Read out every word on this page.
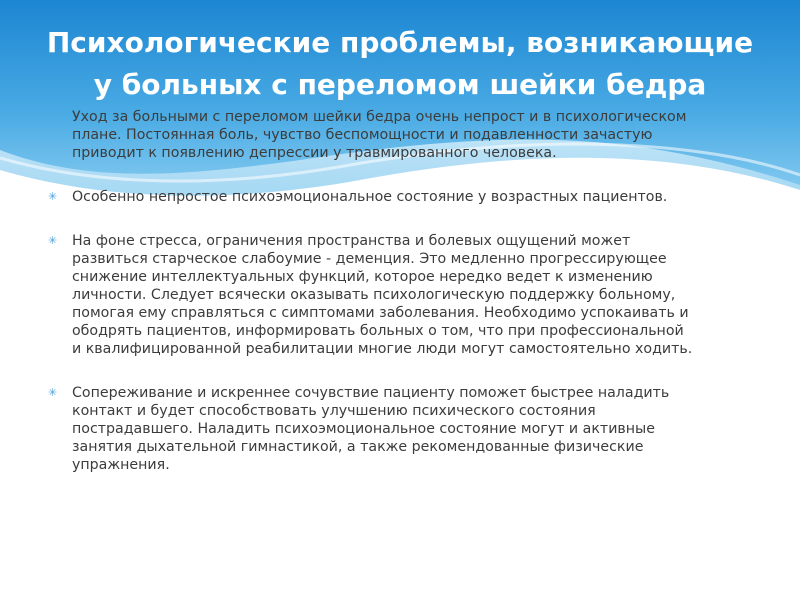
Психологические проблемы, возникающие
у больных с переломом шейки бедра
Уход за больными с переломом шейки бедра очень непрост и в психологическом
плане. Постоянная боль, чувство беспомощности и подавленности зачастую
приводит к появлению депрессии у травмированного человека.
✳	Особенно непростое психоэмоциональное состояние у возрастных пациентов.
✳	На фоне стресса, ограничения пространства и болевых ощущений может
развиться старческое слабоумие - деменция. Это медленно прогрессирующее
снижение интеллектуальных функций, которое нередко ведет к изменению
личности. Следует всячески оказывать психологическую поддержку больному,
помогая ему справляться с симптомами заболевания. Необходимо успокаивать и
ободрять пациентов, информировать больных о том, что при профессиональной
и квалифицированной реабилитации многие люди могут самостоятельно ходить.
✳	Сопереживание и искреннее сочувствие пациенту поможет быстрее наладить
контакт и будет способствовать улучшению психического состояния
пострадавшего. Наладить психоэмоциональное состояние могут и активные
занятия дыхательной гимнастикой, а также рекомендованные физические
упражнения.
